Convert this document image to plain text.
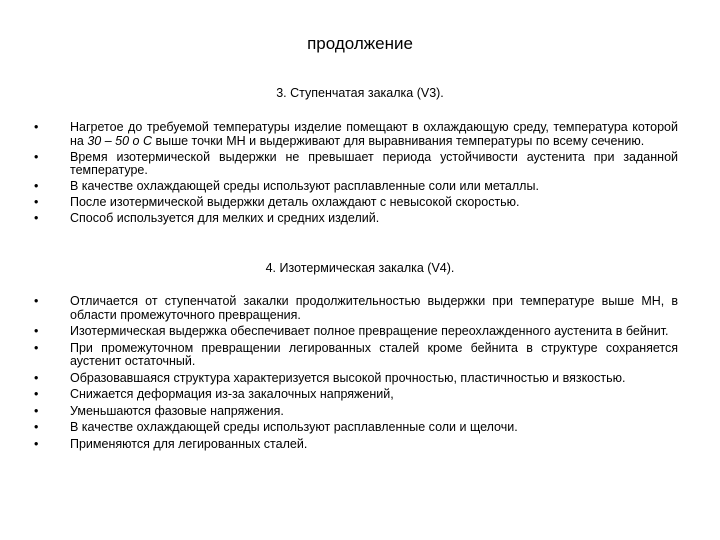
продолжение
3. Ступенчатая закалка (V3).
• Нагретое до требуемой температуры изделие помещают в охлаждающую среду, температура которой на 30 – 50 о С выше точки МН и выдерживают для выравнивания температуры по всему сечению.
• Время изотермической выдержки не превышает периода устойчивости аустенита при заданной температуре.
• В качестве охлаждающей среды используют расплавленные соли или металлы.
• После изотермической выдержки деталь охлаждают с невысокой скоростью.
• Способ используется для мелких и средних изделий.
4. Изотермическая закалка (V4).
• Отличается от ступенчатой закалки продолжительностью выдержки при температуре выше МН, в области промежуточного превращения.
• Изотермическая выдержка обеспечивает полное превращение переохлажденного аустенита в бейнит.
• При промежуточном превращении легированных сталей кроме бейнита в структуре сохраняется аустенит остаточный.
• Образовавшаяся структура характеризуется высокой прочностью, пластичностью и вязкостью.
• Снижается деформация из-за закалочных напряжений,
• Уменьшаются фазовые напряжения.
• В качестве охлаждающей среды используют расплавленные соли и щелочи.
• Применяются для легированных сталей.
